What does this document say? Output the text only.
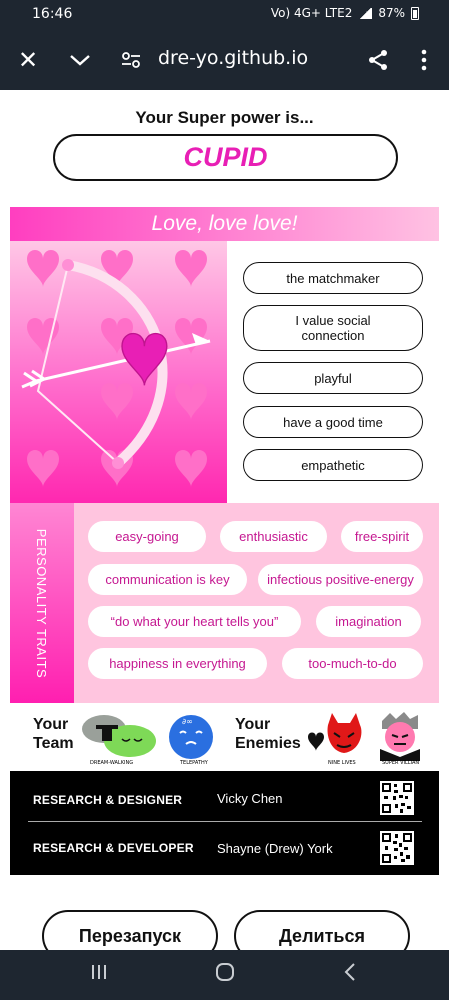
16:46	Vo) 4G+ LTE2 87%
✕	dre-yo.github.io
Your Super power is...
CUPID
Love, love love!
the matchmaker
I value social connection
playful
have a good time
empathetic
PERSONALITY TRAITS	easy-going	enthusiastic	free-spirit
communication is key	infectious positive-energy
“do what your heart tells you”	imagination
happiness in everything	too-much-to-do
Your Team
DREAM-WALKING
∂∞
TELEPATHY
Your Enemies
NINE LIVES	SUPER VILLIAN
RESEARCH & DESIGNER	Vicky Chen
RESEARCH & DEVELOPER Shayne (Drew) York
Перезапуск	Делиться
